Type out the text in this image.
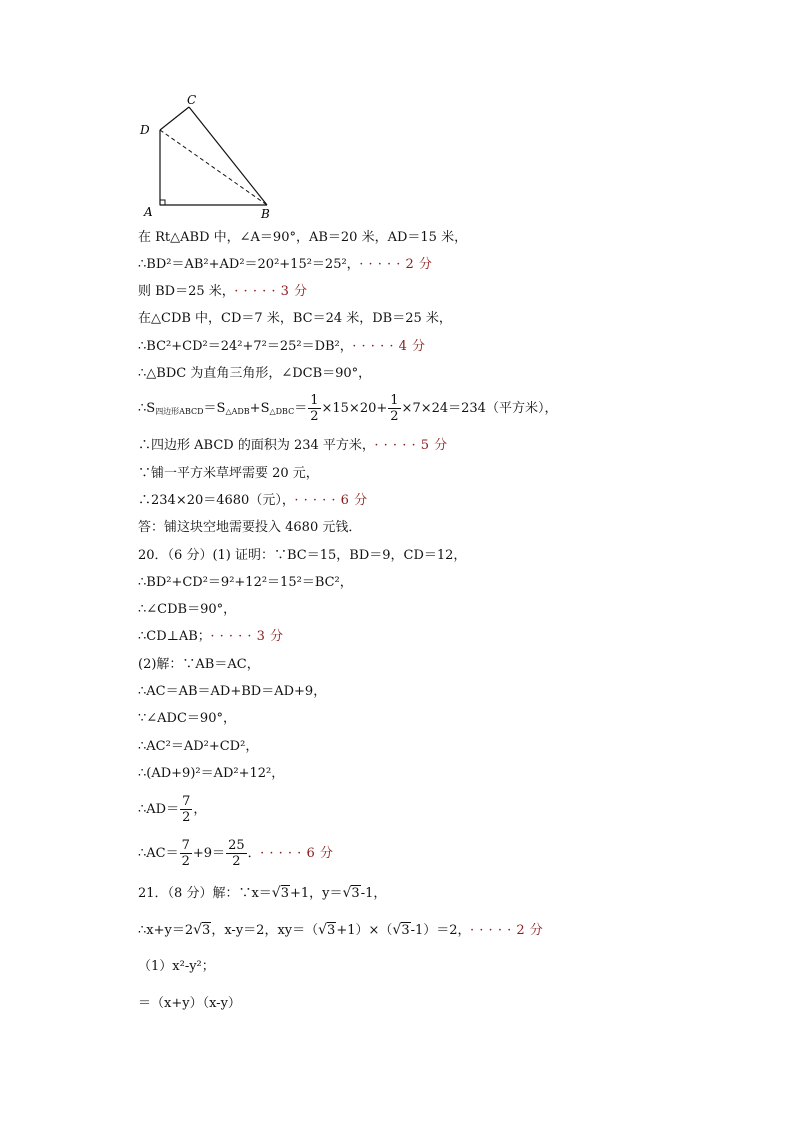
C
D
A	B
在 Rt△ABD 中，∠A＝90°，AB＝20 米，AD＝15 米，
∴BD²＝AB²+AD²＝20²+15²＝25²， · · · · · 2 分
则 BD＝25 米， · · · · · 3 分
在△CDB 中，CD＝7 米，BC＝24 米，DB＝25 米，
∴BC²+CD²＝24²+7²＝25²＝DB²， · · · · · 4 分
∴△BDC 为直角三角形，∠DCB＝90°，
$\therefore S_{四边形ABCD}=S_{\triangle ADB}+S_{\triangle DBC}= \frac{1}{2} \times 15\times 20+ \frac{1}{2} \times 7\times 24=234$（平方米），
∴四边形 ABCD 的面积为 234 平方米， · · · · · 5 分
∵铺一平方米草坪需要 20 元，
∴234×20＝4680（元）， · · · · · 6 分
答：铺这块空地需要投入 4680 元钱．
20．（6 分）(1) 证明：∵BC＝15，BD＝9，CD＝12，
∴BD²+CD²＝9²+12²＝15²＝BC²，
∴∠CDB＝90°，
∴CD⊥AB； · · · · · 3 分
(2)解：∵AB＝AC，
∴AC＝AB＝AD+BD＝AD+9，
∵∠ADC＝90°，
∴AC²＝AD²+CD²，
∴(AD+9)²＝AD²+12²，
∴AD＝ $\frac{7}{2}$ ，
∴AC＝ $\frac{7}{2} +9= \frac{25}{2}$ ． · · · · · 6 分
21．（8 分）解：∵x＝√3+1，y＝√3-1，
∴x+y＝2√3，x-y＝2，xy＝（√3+1）×（√3-1）＝2， · · · · · 2 分
（1）x²-y²；
＝（x+y）（x-y）
